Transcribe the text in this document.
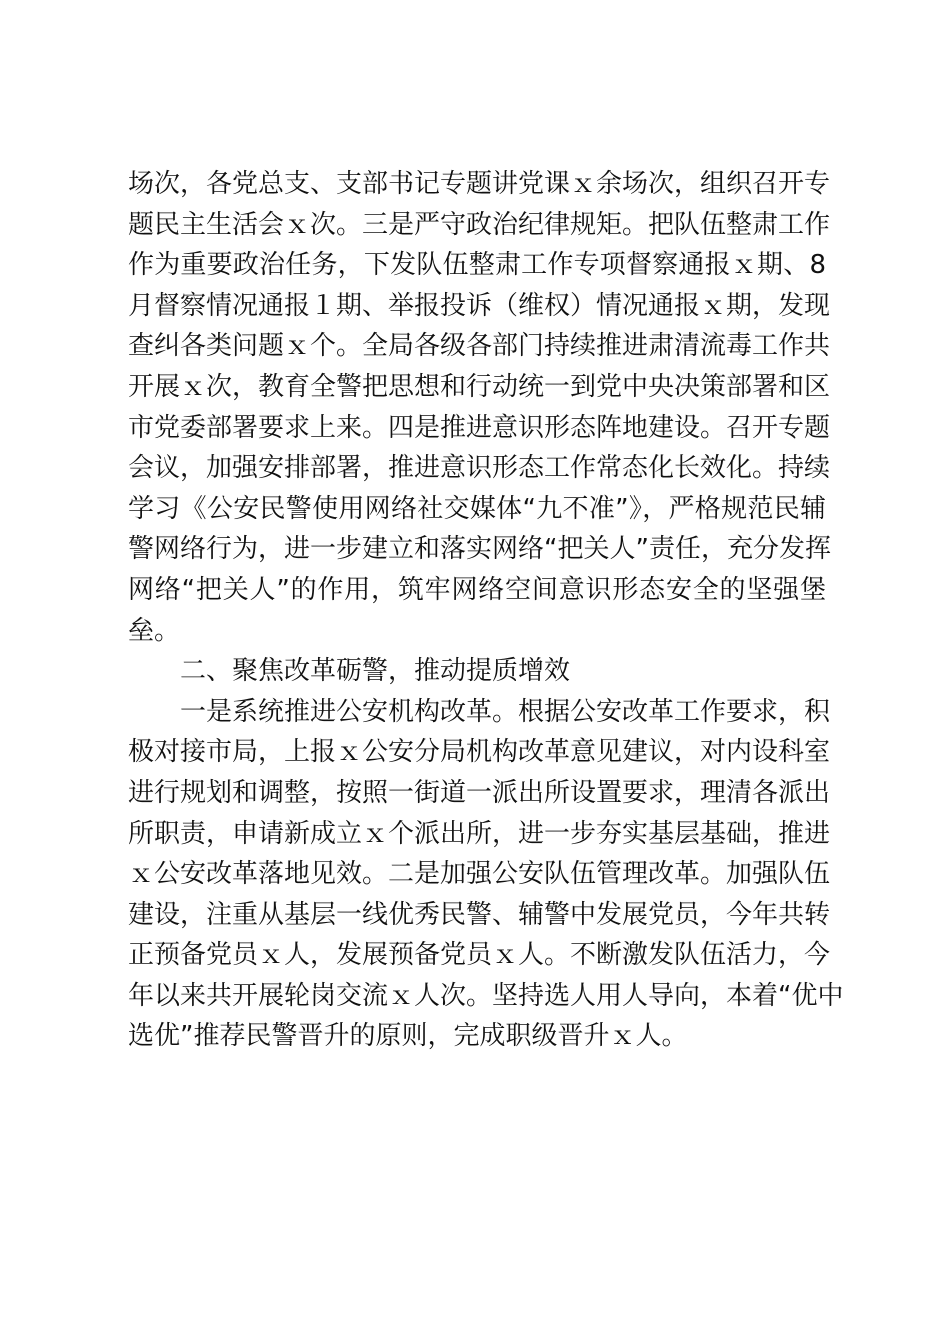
场次，各党总支、支部书记专题讲党课ｘ余场次，组织召开专
题民主生活会ｘ次。三是严守政治纪律规矩。把队伍整肃工作
作为重要政治任务，下发队伍整肃工作专项督察通报ｘ期、8
月督察情况通报１期、举报投诉（维权）情况通报ｘ期，发现
查纠各类问题ｘ个。全局各级各部门持续推进肃清流毒工作共
开展ｘ次，教育全警把思想和行动统一到党中央决策部署和区
市党委部署要求上来。四是推进意识形态阵地建设。召开专题
会议，加强安排部署，推进意识形态工作常态化长效化。持续
学习《公安民警使用网络社交媒体“九不准”》，严格规范民辅
警网络行为，进一步建立和落实网络“把关人”责任，充分发挥
网络“把关人”的作用，筑牢网络空间意识形态安全的坚强堡
垒。
二、聚焦改革砺警，推动提质增效
一是系统推进公安机构改革。根据公安改革工作要求，积
极对接市局，上报ｘ公安分局机构改革意见建议，对内设科室
进行规划和调整，按照一街道一派出所设置要求，理清各派出
所职责，申请新成立ｘ个派出所，进一步夯实基层基础，推进
ｘ公安改革落地见效。二是加强公安队伍管理改革。加强队伍
建设，注重从基层一线优秀民警、辅警中发展党员，今年共转
正预备党员ｘ人，发展预备党员ｘ人。不断激发队伍活力，今
年以来共开展轮岗交流ｘ人次。坚持选人用人导向，本着“优中
选优”推荐民警晋升的原则，完成职级晋升ｘ人。
